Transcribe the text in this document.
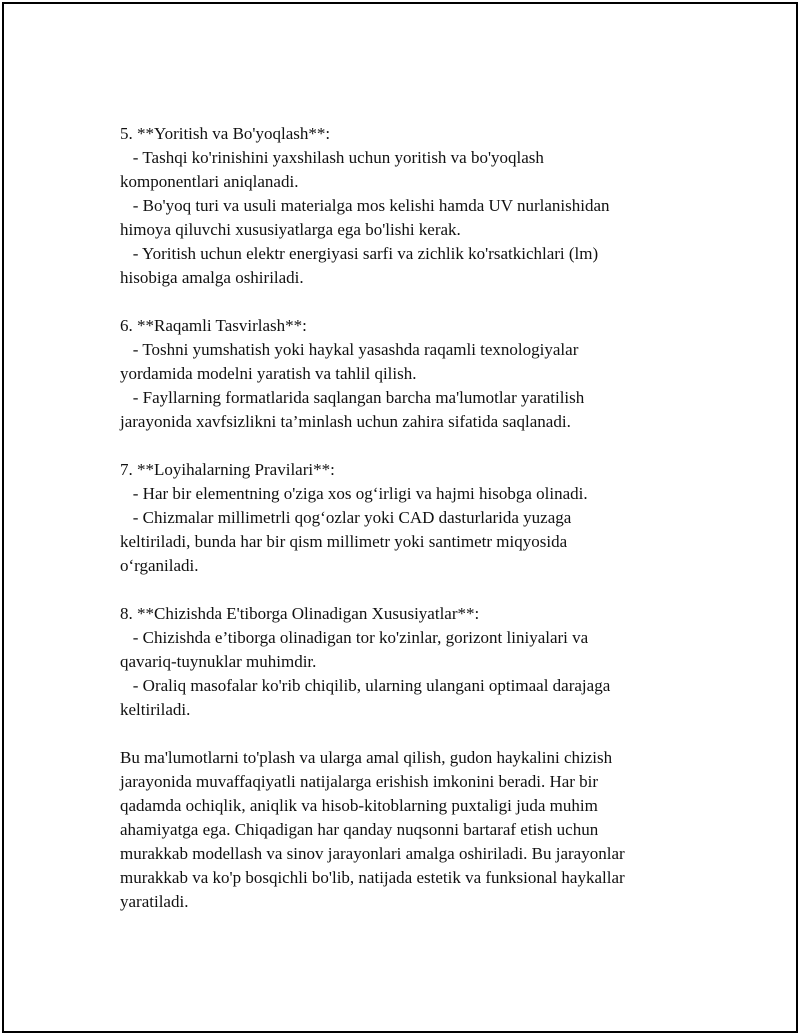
5. **Yoritish va Bo'yoqlash**:
- Tashqi ko'rinishini yaxshilash uchun yoritish va bo'yoqlash
komponentlari aniqlanadi.
- Bo'yoq turi va usuli materialga mos kelishi hamda UV nurlanishidan
himoya qiluvchi xususiyatlarga ega bo'lishi kerak.
- Yoritish uchun elektr energiyasi sarfi va zichlik ko'rsatkichlari (lm)
hisobiga amalga oshiriladi.
6. **Raqamli Tasvirlash**:
- Toshni yumshatish yoki haykal yasashda raqamli texnologiyalar
yordamida modelni yaratish va tahlil qilish.
- Fayllarning formatlarida saqlangan barcha ma'lumotlar yaratilish
jarayonida xavfsizlikni ta’minlash uchun zahira sifatida saqlanadi.
7. **Loyihalarning Pravilari**:
- Har bir elementning o'ziga xos og‘irligi va hajmi hisobga olinadi.
- Chizmalar millimetrli qog‘ozlar yoki CAD dasturlarida yuzaga
keltiriladi, bunda har bir qism millimetr yoki santimetr miqyosida
o‘rganiladi.
8. **Chizishda E'tiborga Olinadigan Xususiyatlar**:
- Chizishda e’tiborga olinadigan tor ko'zinlar, gorizont liniyalari va
qavariq-tuynuklar muhimdir.
- Oraliq masofalar ko'rib chiqilib, ularning ulangani optimaal darajaga
keltiriladi.
Bu ma'lumotlarni to'plash va ularga amal qilish, gudon haykalini chizish
jarayonida muvaffaqiyatli natijalarga erishish imkonini beradi. Har bir
qadamda ochiqlik, aniqlik va hisob-kitoblarning puxtaligi juda muhim
ahamiyatga ega. Chiqadigan har qanday nuqsonni bartaraf etish uchun
murakkab modellash va sinov jarayonlari amalga oshiriladi. Bu jarayonlar
murakkab va ko'p bosqichli bo'lib, natijada estetik va funksional haykallar
yaratiladi.
